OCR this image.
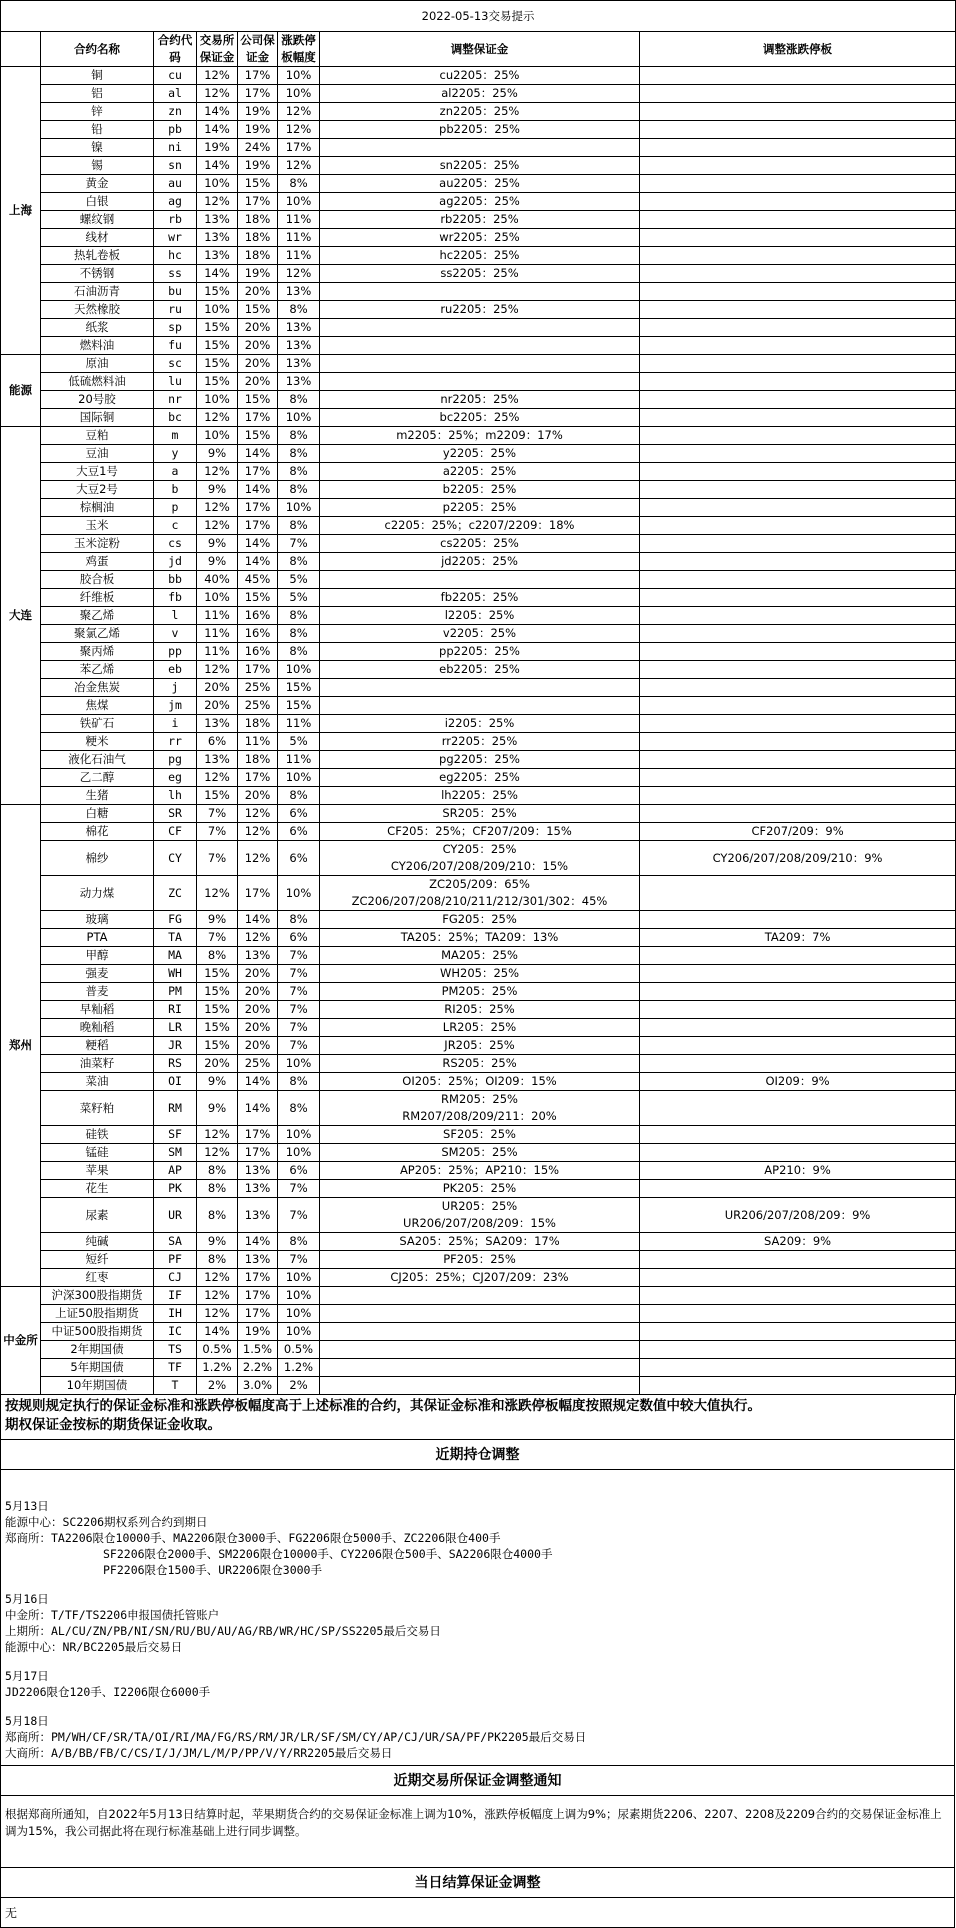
2022-05-13交易提示							
	合约名称	合约代码	交易所保证金	公司保证金	涨跌停板幅度	调整保证金	调整涨跌停板
上海	铜	cu	12%	17%	10%	cu2205：25%	
	铝	al	12%	17%	10%	al2205：25%	
	锌	zn	14%	19%	12%	zn2205：25%	
	铅	pb	14%	19%	12%	pb2205：25%	
	镍	ni	19%	24%	17%		
	锡	sn	14%	19%	12%	sn2205：25%	
	黄金	au	10%	15%	8%	au2205：25%	
	白银	ag	12%	17%	10%	ag2205：25%	
	螺纹钢	rb	13%	18%	11%	rb2205：25%	
	线材	wr	13%	18%	11%	wr2205：25%	
	热轧卷板	hc	13%	18%	11%	hc2205：25%	
	不锈钢	ss	14%	19%	12%	ss2205：25%	
	石油沥青	bu	15%	20%	13%		
	天然橡胶	ru	10%	15%	8%	ru2205：25%	
	纸浆	sp	15%	20%	13%		
	燃料油	fu	15%	20%	13%		
能源	原油	sc	15%	20%	13%		
	低硫燃料油	lu	15%	20%	13%		
	20号胶	nr	10%	15%	8%	nr2205：25%	
	国际铜	bc	12%	17%	10%	bc2205：25%	
大连	豆粕	m	10%	15%	8%	m2205：25%；m2209：17%	
	豆油	y	9%	14%	8%	y2205：25%	
	大豆1号	a	12%	17%	8%	a2205：25%	
	大豆2号	b	9%	14%	8%	b2205：25%	
	棕榈油	p	12%	17%	10%	p2205：25%	
	玉米	c	12%	17%	8%	c2205：25%；c2207/2209：18%	
	玉米淀粉	cs	9%	14%	7%	cs2205：25%	
	鸡蛋	jd	9%	14%	8%	jd2205：25%	
	胶合板	bb	40%	45%	5%		
	纤维板	fb	10%	15%	5%	fb2205：25%	
	聚乙烯	l	11%	16%	8%	l2205：25%	
	聚氯乙烯	v	11%	16%	8%	v2205：25%	
	聚丙烯	pp	11%	16%	8%	pp2205：25%	
	苯乙烯	eb	12%	17%	10%	eb2205：25%	
	冶金焦炭	j	20%	25%	15%		
	焦煤	jm	20%	25%	15%		
	铁矿石	i	13%	18%	11%	i2205：25%	
	粳米	rr	6%	11%	5%	rr2205：25%	
	液化石油气	pg	13%	18%	11%	pg2205：25%	
	乙二醇	eg	12%	17%	10%	eg2205：25%	
	生猪	lh	15%	20%	8%	lh2205：25%	
郑州	白糖	SR	7%	12%	6%	SR205：25%	
	棉花	CF	7%	12%	6%	CF205：25%；CF207/209：15%	CF207/209：9%
	棉纱	CY	7%	12%	6%	CY205：25%
CY206/207/208/209/210：15%	CY206/207/208/209/210：9%
	动力煤	ZC	12%	17%	10%	ZC205/209：65%
ZC206/207/208/210/211/212/301/302：45%	
	玻璃	FG	9%	14%	8%	FG205：25%	
	PTA	TA	7%	12%	6%	TA205：25%；TA209：13%	TA209：7%
	甲醇	MA	8%	13%	7%	MA205：25%	
	强麦	WH	15%	20%	7%	WH205：25%	
	普麦	PM	15%	20%	7%	PM205：25%	
	早籼稻	RI	15%	20%	7%	RI205：25%	
	晚籼稻	LR	15%	20%	7%	LR205：25%	
	粳稻	JR	15%	20%	7%	JR205：25%	
	油菜籽	RS	20%	25%	10%	RS205：25%	
	菜油	OI	9%	14%	8%	OI205：25%；OI209：15%	OI209：9%
	菜籽粕	RM	9%	14%	8%	RM205：25%
RM207/208/209/211：20%	
	硅铁	SF	12%	17%	10%	SF205：25%	
	锰硅	SM	12%	17%	10%	SM205：25%	
	苹果	AP	8%	13%	6%	AP205：25%；AP210：15%	AP210：9%
	花生	PK	8%	13%	7%	PK205：25%	
	尿素	UR	8%	13%	7%	UR205：25%
UR206/207/208/209：15%	UR206/207/208/209：9%
	纯碱	SA	9%	14%	8%	SA205：25%；SA209：17%	SA209：9%
	短纤	PF	8%	13%	7%	PF205：25%	
	红枣	CJ	12%	17%	10%	CJ205：25%；CJ207/209：23%	
中金所	沪深300股指期货	IF	12%	17%	10%		
	上证50股指期货	IH	12%	17%	10%		
	中证500股指期货	IC	14%	19%	10%		
	2年期国债	TS	0.5%	1.5%	0.5%		
	5年期国债	TF	1.2%	2.2%	1.2%		
	10年期国债	T	2%	3.0%	2%		
按规则规定执行的保证金标准和涨跌停板幅度高于上述标准的合约，其保证金标准和涨跌停板幅度按照规定数值中较大值执行。
期权保证金按标的期货保证金收取。
近期持仓调整
5月13日
能源中心：SC2206期权系列合约到期日
郑商所：TA2206限仓10000手、MA2206限仓3000手、FG2206限仓5000手、ZC2206限仓400手
SF2206限仓2000手、SM2206限仓10000手、CY2206限仓500手、SA2206限仓4000手
PF2206限仓1500手、UR2206限仓3000手
5月16日
中金所：T/TF/TS2206申报国债托管账户
上期所：AL/CU/ZN/PB/NI/SN/RU/BU/AU/AG/RB/WR/HC/SP/SS2205最后交易日
能源中心：NR/BC2205最后交易日
5月17日
JD2206限仓120手、I2206限仓6000手
5月18日
郑商所：PM/WH/CF/SR/TA/OI/RI/MA/FG/RS/RM/JR/LR/SF/SM/CY/AP/CJ/UR/SA/PF/PK2205最后交易日
大商所：A/B/BB/FB/C/CS/I/J/JM/L/M/P/PP/V/Y/RR2205最后交易日
近期交易所保证金调整通知
根据郑商所通知，自2022年5月13日结算时起，苹果期货合约的交易保证金标准上调为10%，涨跌停板幅度上调为9%；尿素期货2206、2207、2208及2209合约的交易保证金标准上调为15%，我公司据此将在现行标准基础上进行同步调整。
当日结算保证金调整
无
